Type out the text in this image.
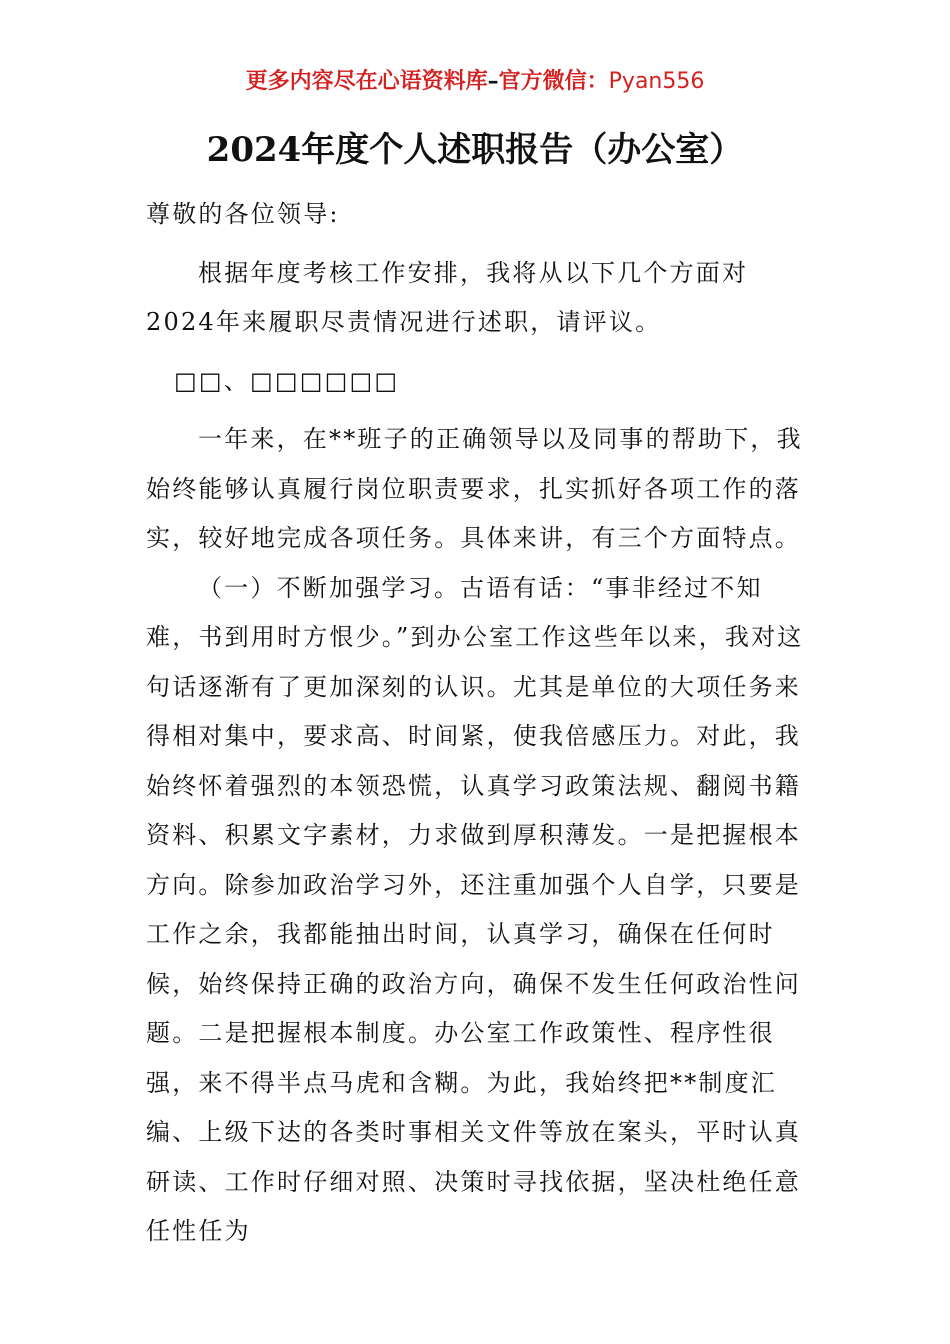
更多内容尽在心语资料库–官方微信：Pyan556
2024年度个人述职报告（办公室）

尊敬的各位领导:

根据年度考核工作安排，我将从以下几个方面对2024年来履职尽责情况进行述职，请评议。

□□、□□□□□□

一年来，在**班子的正确领导以及同事的帮助下，我始终能够认真履行岗位职责要求，扎实抓好各项工作的落实，较好地完成各项任务。具体来讲，有三个方面特点。

（一）不断加强学习。古语有话：“事非经过不知难，书到用时方恨少。”到办公室工作这些年以来，我对这句话逐渐有了更加深刻的认识。尤其是单位的大项任务来得相对集中，要求高、时间紧，使我倍感压力。对此，我始终怀着强烈的本领恐慌，认真学习政策法规、翻阅书籍资料、积累文字素材，力求做到厚积薄发。一是把握根本方向。除参加政治学习外，还注重加强个人自学，只要是工作之余，我都能抽出时间，认真学习，确保在任何时候，始终保持正确的政治方向，确保不发生任何政治性问题。二是把握根本制度。办公室工作政策性、程序性很强，来不得半点马虎和含糊。为此，我始终把**制度汇编、上级下达的各类时事相关文件等放在案头，平时认真研读、工作时仔细对照、决策时寻找依据，坚决杜绝任意任性任为
